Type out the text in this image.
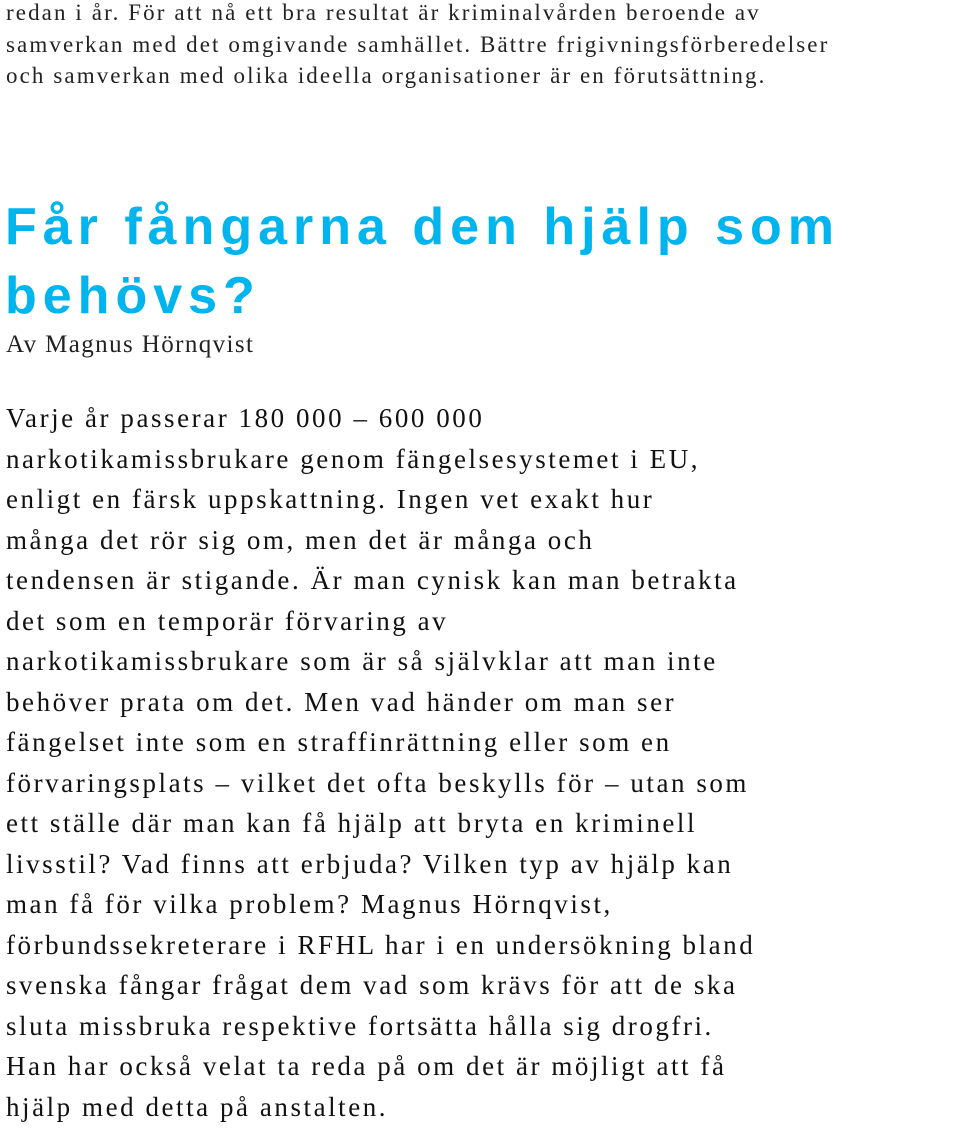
redan i år. För att nå ett bra resultat är kriminalvården beroende av
samverkan med det omgivande samhället. Bättre frigivningsförberedelser
och samverkan med olika ideella organisationer är en förutsättning.
Får fångarna den hjälp som
behövs?
Av Magnus Hörnqvist
Varje år passerar 180 000 – 600 000
narkotikamissbrukare genom fängelsesystemet i EU,
enligt en färsk uppskattning. Ingen vet exakt hur
många det rör sig om, men det är många och
tendensen är stigande. Är man cynisk kan man betrakta
det som en temporär förvaring av
narkotikamissbrukare som är så självklar att man inte
behöver prata om det. Men vad händer om man ser
fängelset inte som en straffinrättning eller som en
förvaringsplats – vilket det ofta beskylls för – utan som
ett ställe där man kan få hjälp att bryta en kriminell
livsstil? Vad finns att erbjuda? Vilken typ av hjälp kan
man få för vilka problem? Magnus Hörnqvist,
förbundssekreterare i RFHL har i en undersökning bland
svenska fångar frågat dem vad som krävs för att de ska
sluta missbruka respektive fortsätta hålla sig drogfri.
Han har också velat ta reda på om det är möjligt att få
hjälp med detta på anstalten.
